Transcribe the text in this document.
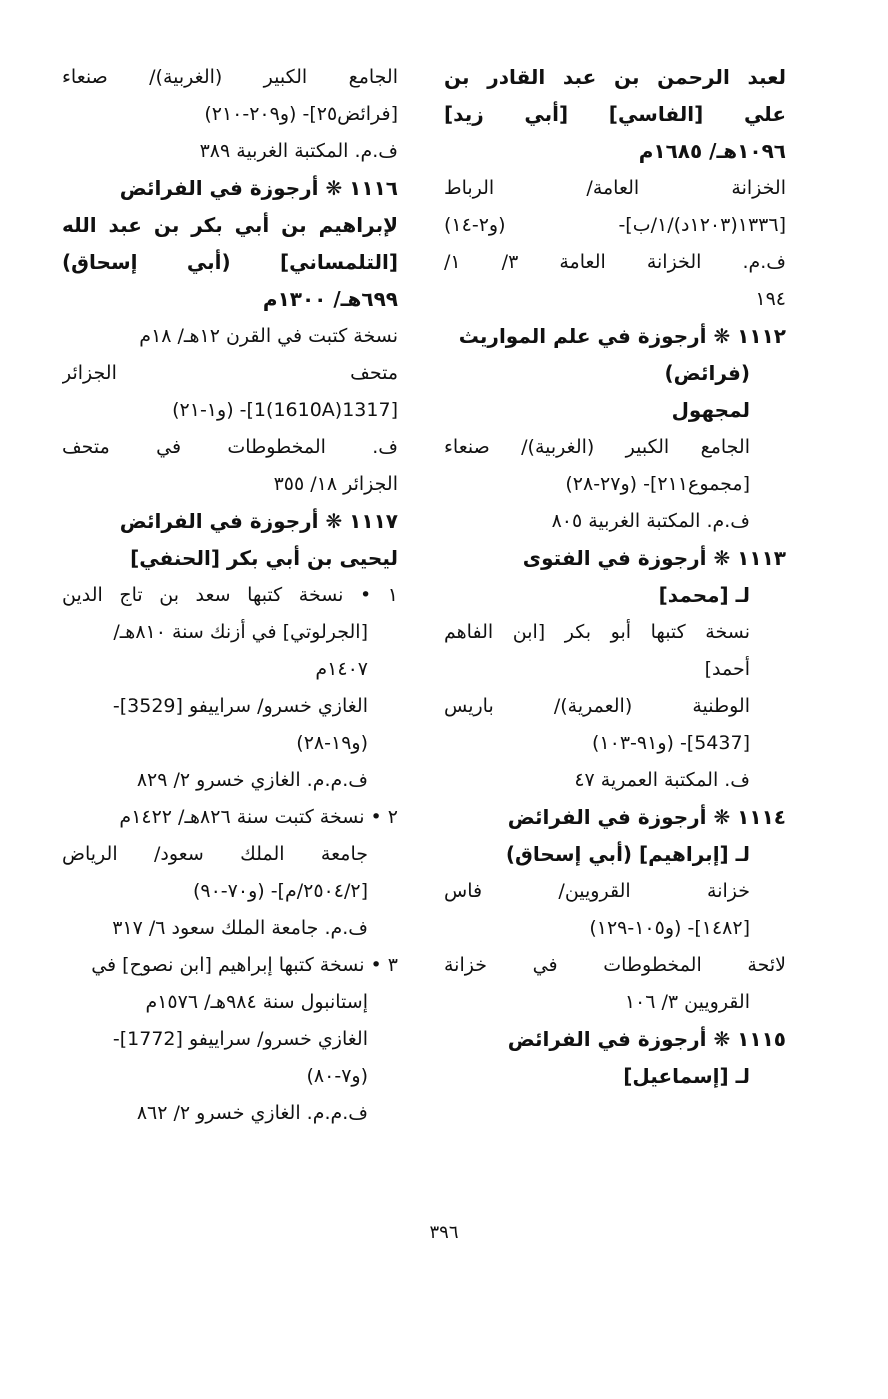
لعبد الرحمن بن عبد القادر بن
علي [الفاسي] [أبي زيد]
١٠٩٦هـ/ ١٦٨٥م
الخزانة العامة/ الرباط
[١٣٣٦(١٢٠٣د)/١/ب]- (و٢-١٤)
ف.م. الخزانة العامة ٣/ ١/
١٩٤
١١١٢ ❋ أرجوزة في علم المواريث
(فرائض)
لمجهول
الجامع الكبير (الغربية)/ صنعاء
[مجموع٢١١]- (و٢٧-٢٨)
ف.م. المكتبة الغربية ٨٠٥
١١١٣ ❋ أرجوزة في الفتوى
لـ [محمد]
نسخة كتبها أبو بكر [ابن الفاهم
أحمد]
الوطنية (العمرية)/ باريس
[5437]- (و٩١-١٠٣)
ف. المكتبة العمرية ٤٧
١١١٤ ❋ أرجوزة في الفرائض
لـ [إبراهيم] (أبي إسحاق)
خزانة القرويين/ فاس
[١٤٨٢]- (و١٠٥-١٢٩)
لائحة المخطوطات في خزانة
القرويين ٣/ ١٠٦
١١١٥ ❋ أرجوزة في الفرائض
لـ [إسماعيل]
الجامع الكبير (الغربية)/ صنعاء
[فرائض٢٥]- (و٢٠٩-٢١٠)
ف.م. المكتبة الغربية ٣٨٩
١١١٦ ❋ أرجوزة في الفرائض
لإبراهيم بن أبي بكر بن عبد الله
[التلمساني] (أبي إسحاق)
٦٩٩هـ/ ١٣٠٠م
نسخة كتبت في القرن ١٢هـ/ ١٨م
متحف الجزائر
[1317(1610A)1]- (و١-٢١)
ف. المخطوطات في متحف
الجزائر ١٨/ ٣٥٥
١١١٧ ❋ أرجوزة في الفرائض
ليحيى بن أبي بكر [الحنفي]
١ • نسخة كتبها سعد بن تاج الدين
[الجرلوتي] في أزنك سنة ٨١٠هـ/
١٤٠٧م
الغازي خسرو/ سراييفو [3529]-
(و١٩-٢٨)
ف.م.م. الغازي خسرو ٢/ ٨٢٩
٢ • نسخة كتبت سنة ٨٢٦هـ/ ١٤٢٢م
جامعة الملك سعود/ الرياض
[٢٥٠٤/٢/م]- (و٧٠-٩٠)
ف.م. جامعة الملك سعود ٦/ ٣١٧
٣ • نسخة كتبها إبراهيم [ابن نصوح] في
إستانبول سنة ٩٨٤هـ/ ١٥٧٦م
الغازي خسرو/ سراييفو [1772]-
(و٧-٨٠)
ف.م.م. الغازي خسرو ٢/ ٨٦٢
٣٩٦
